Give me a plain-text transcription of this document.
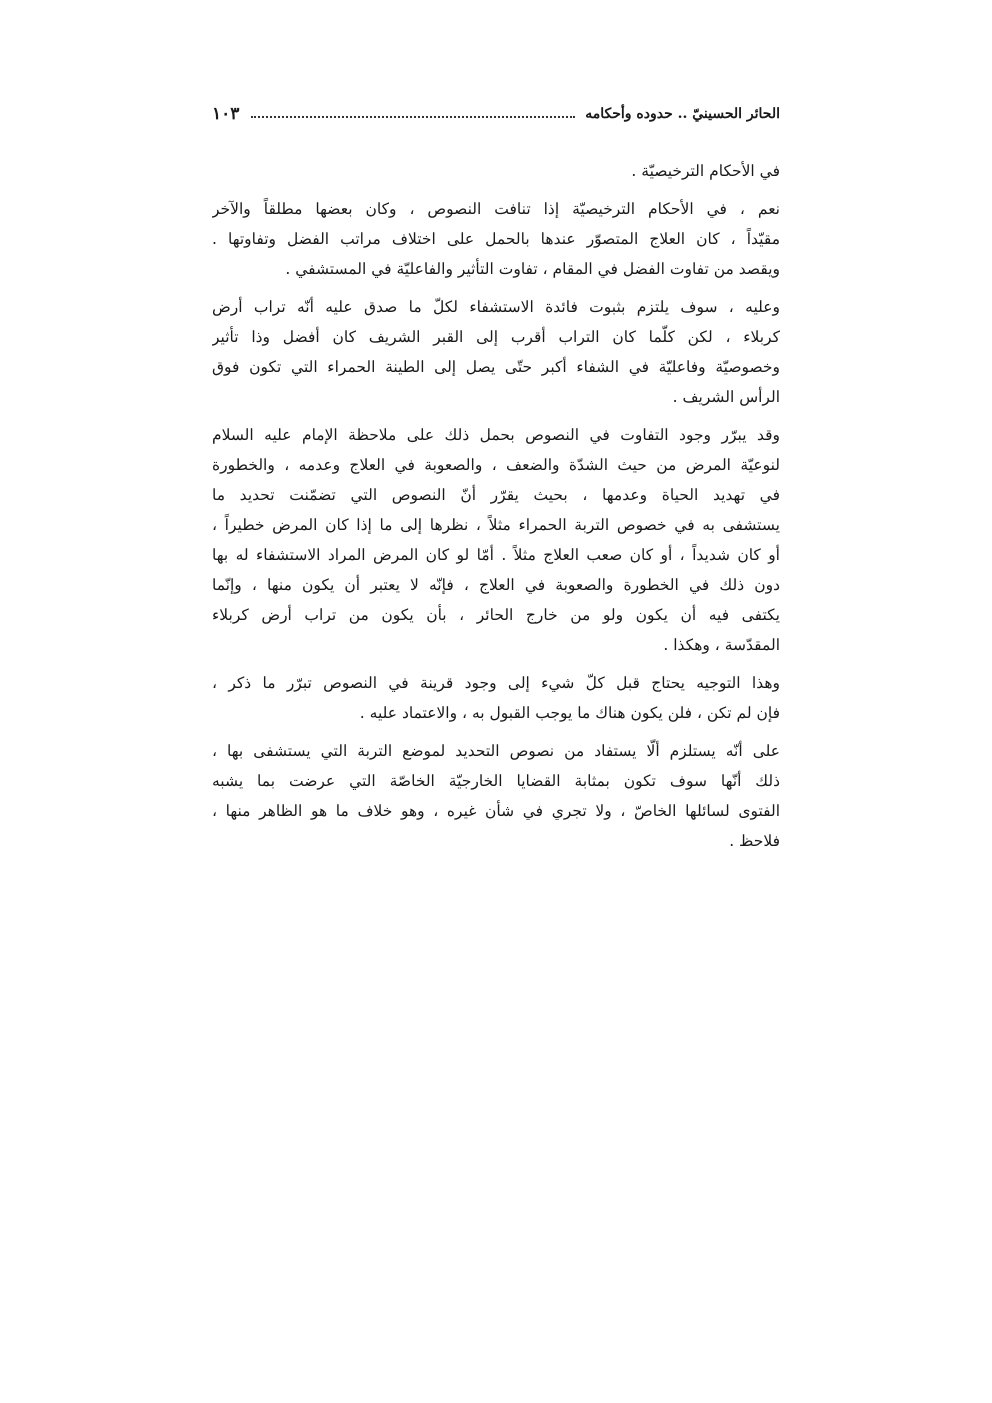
الحائر الحسينيّ .. حدوده وأحكامه
١٠٣
في الأحكام الترخيصيّة .
نعم ، في الأحكام الترخيصيّة إذا تنافت النصوص ، وكان بعضها مطلقاً والآخر
مقيّداً ، كان العلاج المتصوّر عندها بالحمل على اختلاف مراتب الفضل وتفاوتها .
ويقصد من تفاوت الفضل في المقام ، تفاوت التأثير والفاعليّة في المستشفي .
وعليه ، سوف يلتزم بثبوت فائدة الاستشفاء لكلّ ما صدق عليه أنّه تراب أرض
كربلاء ، لكن كلّما كان التراب أقرب إلى القبر الشريف كان أفضل وذا تأثير
وخصوصيّة وفاعليّة في الشفاء أكبر حتّى يصل إلى الطينة الحمراء التي تكون فوق
الرأس الشريف .
وقد يبرّر وجود التفاوت في النصوص بحمل ذلك على ملاحظة الإمام عليه السلام
لنوعيّة المرض من حيث الشدّة والضعف ، والصعوبة في العلاج وعدمه ، والخطورة
في تهديد الحياة وعدمها ، بحيث يقرّر أنّ النصوص التي تضمّنت تحديد ما
يستشفى به في خصوص التربة الحمراء مثلاً ، نظرها إلى ما إذا كان المرض خطيراً ،
أو كان شديداً ، أو كان صعب العلاج مثلاً . أمّا لو كان المرض المراد الاستشفاء له بها
دون ذلك في الخطورة والصعوبة في العلاج ، فإنّه لا يعتبر أن يكون منها ، وإنّما
يكتفى فيه أن يكون ولو من خارج الحائر ، بأن يكون من تراب أرض كربلاء
المقدّسة ، وهكذا .
وهذا التوجيه يحتاج قبل كلّ شيء إلى وجود قرينة في النصوص تبرّر ما ذكر ،
فإن لم تكن ، فلن يكون هناك ما يوجب القبول به ، والاعتماد عليه .
على أنّه يستلزم ألّا يستفاد من نصوص التحديد لموضع التربة التي يستشفى بها ،
ذلك أنّها سوف تكون بمثابة القضايا الخارجيّة الخاصّة التي عرضت بما يشبه
الفتوى لسائلها الخاصّ ، ولا تجري في شأن غيره ، وهو خلاف ما هو الظاهر منها ،
فلاحظ .
